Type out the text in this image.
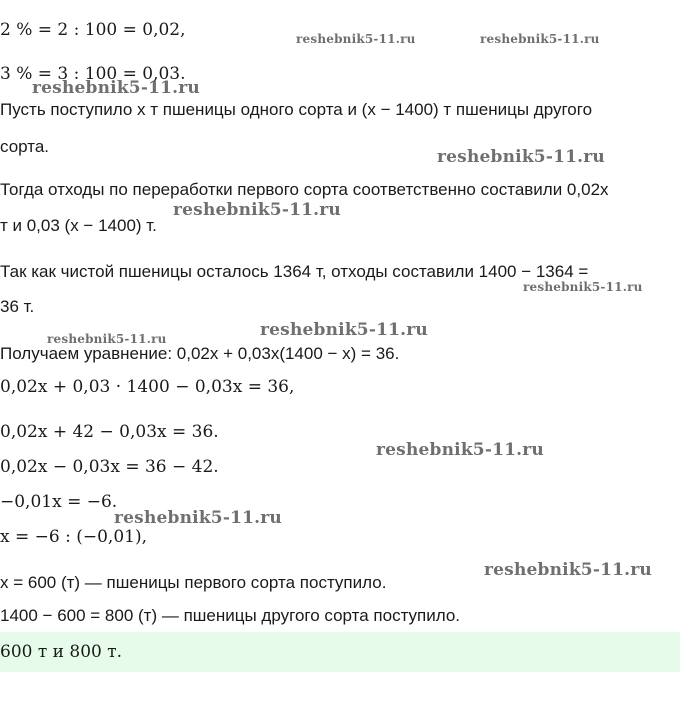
2 % = 2 : 100 = 0,02,
3 % = 3 : 100 = 0,03.
Пусть поступило x т пшеницы одного сорта и (x − 1400) т пшеницы другого
сорта.
Тогда отходы по переработки первого сорта соответственно составили 0,02x
т и 0,03 (x − 1400) т.
Так как чистой пшеницы осталось 1364 т, отходы составили 1400 − 1364 =
36 т.
Получаем уравнение: 0,02x + 0,03x(1400 − x) = 36.
0,02x + 0,03 · 1400 − 0,03x = 36,
0,02x + 42 − 0,03x = 36.
0,02x − 0,03x = 36 − 42.
−0,01x = −6.
x = −6 : (−0,01),
x = 600 (т) — пшеницы первого сорта поступило.
1400 − 600 = 800 (т) — пшеницы другого сорта поступило.
600 т и 800 т.
reshebnik5-11.ru	reshebnik5-11.ru
reshebnik5-11.ru
reshebnik5-11.ru
reshebnik5-11.ru
reshebnik5-11.ru
reshebnik5-11.ru	reshebnik5-11.ru
reshebnik5-11.ru
reshebnik5-11.ru
reshebnik5-11.ru
